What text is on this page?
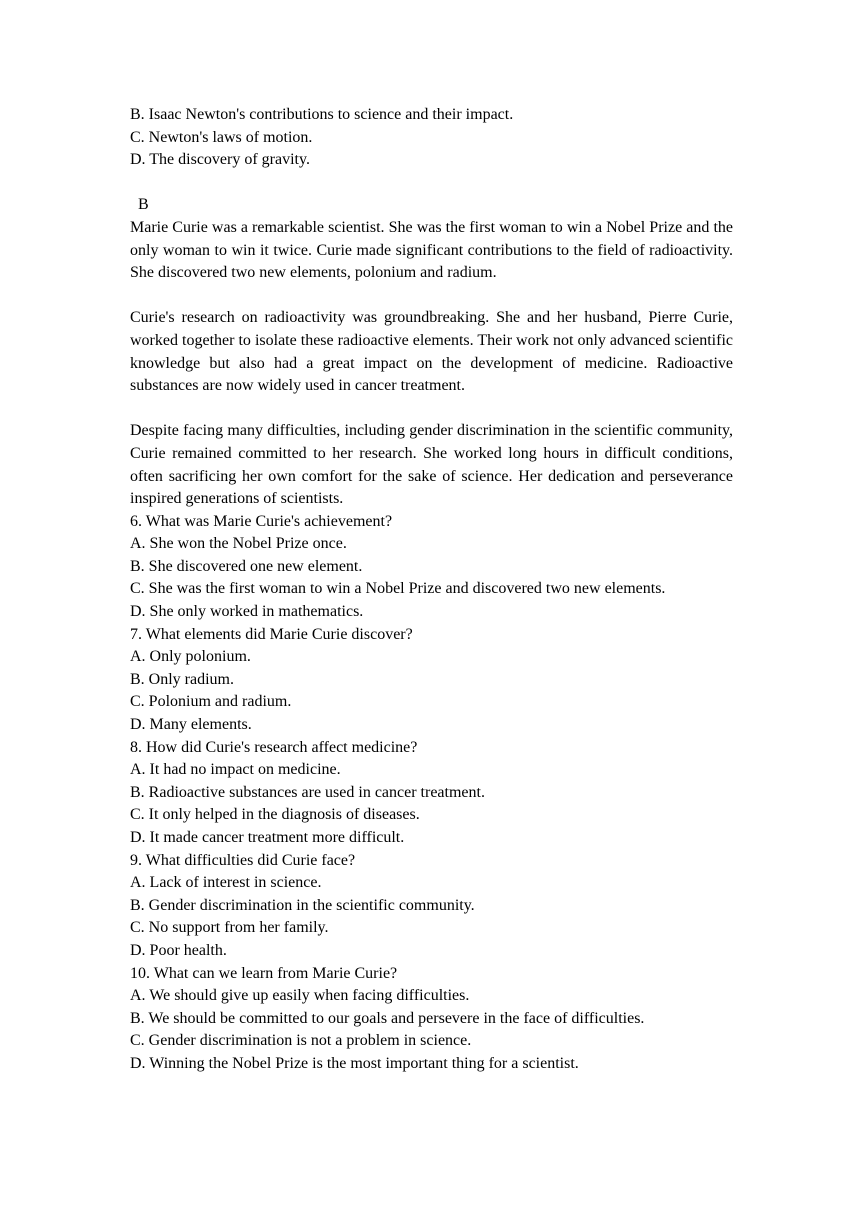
B. Isaac Newton's contributions to science and their impact.

C. Newton's laws of motion.

D. The discovery of gravity.

B

Marie Curie was a remarkable scientist. She was the first woman to win a Nobel Prize and the only woman to win it twice. Curie made significant contributions to the field of radioactivity. She discovered two new elements, polonium and radium.

Curie's research on radioactivity was groundbreaking. She and her husband, Pierre Curie, worked together to isolate these radioactive elements. Their work not only advanced scientific knowledge but also had a great impact on the development of medicine. Radioactive substances are now widely used in cancer treatment.

Despite facing many difficulties, including gender discrimination in the scientific community, Curie remained committed to her research. She worked long hours in difficult conditions, often sacrificing her own comfort for the sake of science. Her dedication and perseverance inspired generations of scientists.

6. What was Marie Curie's achievement?

A. She won the Nobel Prize once.

B. She discovered one new element.

C. She was the first woman to win a Nobel Prize and discovered two new elements.

D. She only worked in mathematics.

7. What elements did Marie Curie discover?

A. Only polonium.

B. Only radium.

C. Polonium and radium.

D. Many elements.

8. How did Curie's research affect medicine?

A. It had no impact on medicine.

B. Radioactive substances are used in cancer treatment.

C. It only helped in the diagnosis of diseases.

D. It made cancer treatment more difficult.

9. What difficulties did Curie face?

A. Lack of interest in science.

B. Gender discrimination in the scientific community.

C. No support from her family.

D. Poor health.

10. What can we learn from Marie Curie?

A. We should give up easily when facing difficulties.

B. We should be committed to our goals and persevere in the face of difficulties.

C. Gender discrimination is not a problem in science.

D. Winning the Nobel Prize is the most important thing for a scientist.
